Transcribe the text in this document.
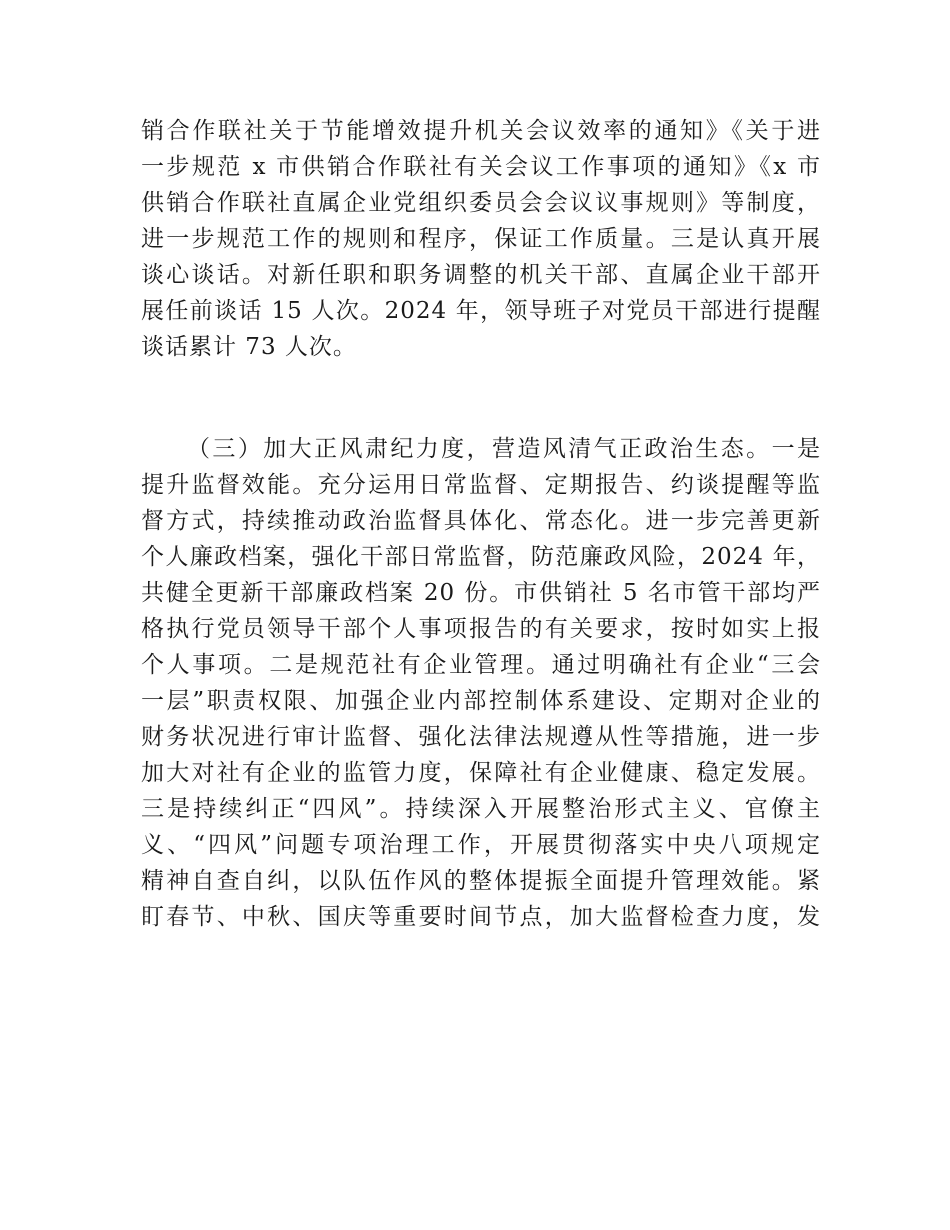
销合作联社关于节能增效提升机关会议效率的通知》《关于进
一步规范 x 市供销合作联社有关会议工作事项的通知》《x 市
供销合作联社直属企业党组织委员会会议议事规则》等制度，
进一步规范工作的规则和程序，保证工作质量。三是认真开展
谈心谈话。对新任职和职务调整的机关干部、直属企业干部开
展任前谈话 15 人次。2024 年，领导班子对党员干部进行提醒
谈话累计 73 人次。
（三）加大正风肃纪力度，营造风清气正政治生态。一是
提升监督效能。充分运用日常监督、定期报告、约谈提醒等监
督方式，持续推动政治监督具体化、常态化。进一步完善更新
个人廉政档案，强化干部日常监督，防范廉政风险，2024 年，
共健全更新干部廉政档案 20 份。市供销社 5 名市管干部均严
格执行党员领导干部个人事项报告的有关要求，按时如实上报
个人事项。二是规范社有企业管理。通过明确社有企业“三会
一层”职责权限、加强企业内部控制体系建设、定期对企业的
财务状况进行审计监督、强化法律法规遵从性等措施，进一步
加大对社有企业的监管力度，保障社有企业健康、稳定发展。
三是持续纠正“四风”。持续深入开展整治形式主义、官僚主
义、“四风”问题专项治理工作，开展贯彻落实中央八项规定
精神自查自纠，以队伍作风的整体提振全面提升管理效能。紧
盯春节、中秋、国庆等重要时间节点，加大监督检查力度，发
